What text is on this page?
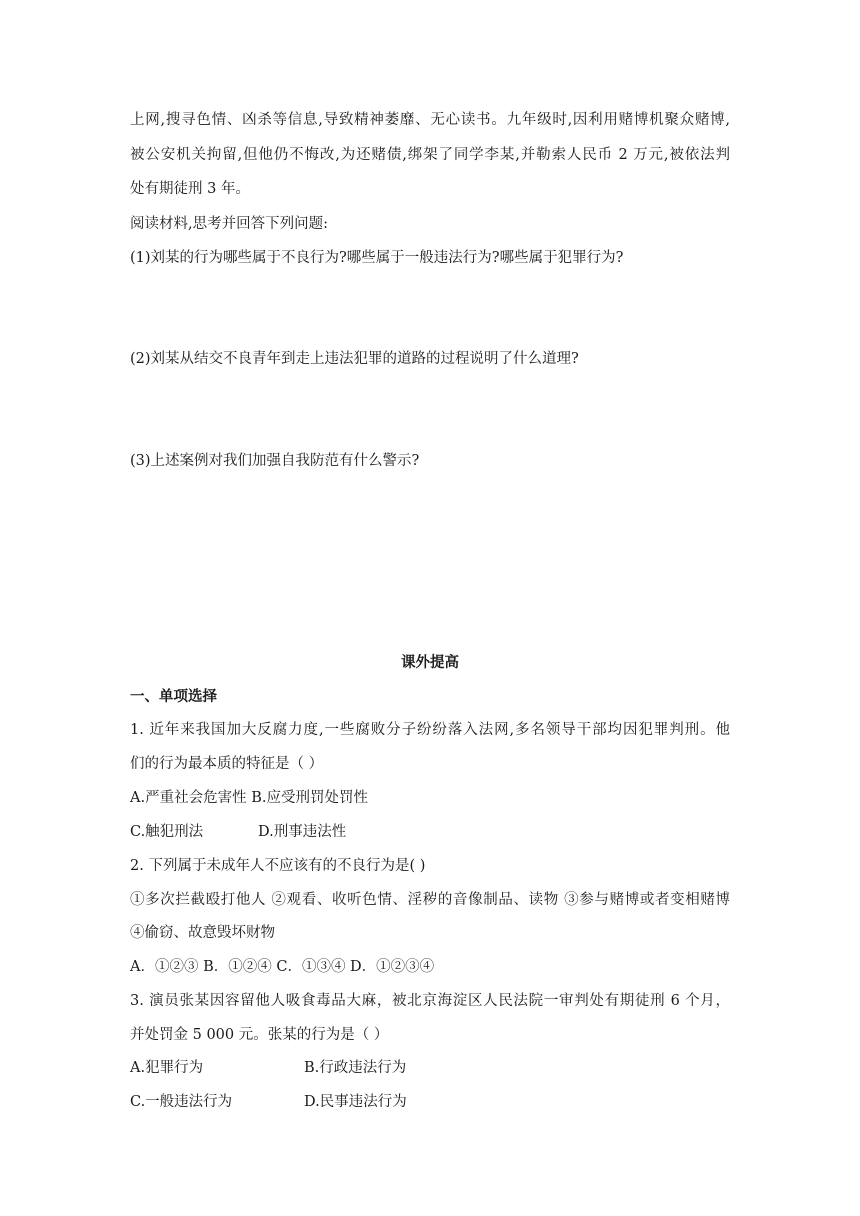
上网,搜寻色情、凶杀等信息,导致精神萎靡、无心读书。九年级时,因利用赌博机聚众赌博,
被公安机关拘留,但他仍不悔改,为还赌债,绑架了同学李某,并勒索人民币 2 万元,被依法判
处有期徒刑 3 年。
阅读材料,思考并回答下列问题:
(1)刘某的行为哪些属于不良行为?哪些属于一般违法行为?哪些属于犯罪行为?
(2)刘某从结交不良青年到走上违法犯罪的道路的过程说明了什么道理?
(3)上述案例对我们加强自我防范有什么警示?
课外提高
一、单项选择
1. 近年来我国加大反腐力度,一些腐败分子纷纷落入法网,多名领导干部均因犯罪判刑。他
们的行为最本质的特征是（ ）
A.严重社会危害性 B.应受刑罚处罚性
C.触犯刑法	D.刑事违法性
2. 下列属于未成年人不应该有的不良行为是( )
①多次拦截殴打他人 ②观看、收听色情、淫秽的音像制品、读物 ③参与赌博或者变相赌博
④偷窃、故意毁坏财物
A．①②③ B．①②④ C．①③④ D．①②③④
3. 演员张某因容留他人吸食毒品大麻，被北京海淀区人民法院一审判处有期徒刑 6 个月，
并处罚金 5 000 元。张某的行为是（ ）
A.犯罪行为	B.行政违法行为
C.一般违法行为	D.民事违法行为
